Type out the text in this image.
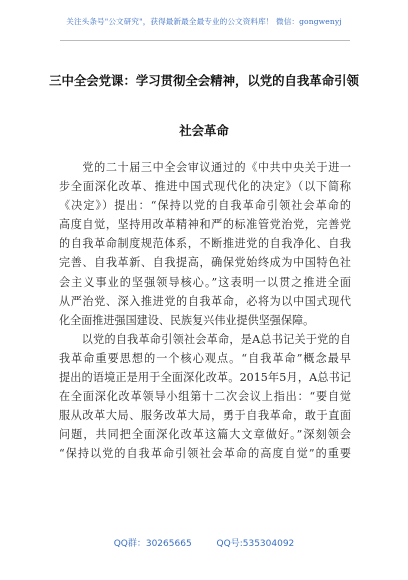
关注头条号"公文研究"，获得最新最全最专业的公文资料库！ 微信：gongwenyj
三中全会党课：学习贯彻全会精神，以党的自我革命引领
社会革命
　　党的二十届三中全会审议通过的《中共中央关于进一
步全面深化改革、推进中国式现代化的决定》（以下简称
《决定》）提出：“保持以党的自我革命引领社会革命的
高度自觉，坚持用改革精神和严的标准管党治党，完善党
的自我革命制度规范体系，不断推进党的自我净化、自我
完善、自我革新、自我提高，确保党始终成为中国特色社
会主义事业的坚强领导核心。”这表明一以贯之推进全面
从严治党、深入推进党的自我革命，必将为以中国式现代
化全面推进强国建设、民族复兴伟业提供坚强保障。
　　以党的自我革命引领社会革命，是A总书记关于党的自
我革命重要思想的一个核心观点。“自我革命”概念最早
提出的语境正是用于全面深化改革。2015年5月，A总书记
在全面深化改革领导小组第十二次会议上指出：“要自觉
服从改革大局、服务改革大局，勇于自我革命，敢于直面
问题，共同把全面深化改革这篇大文章做好。”深刻领会
“保持以党的自我革命引领社会革命的高度自觉”的重要
QQ群：30265665	QQ号:535304092
